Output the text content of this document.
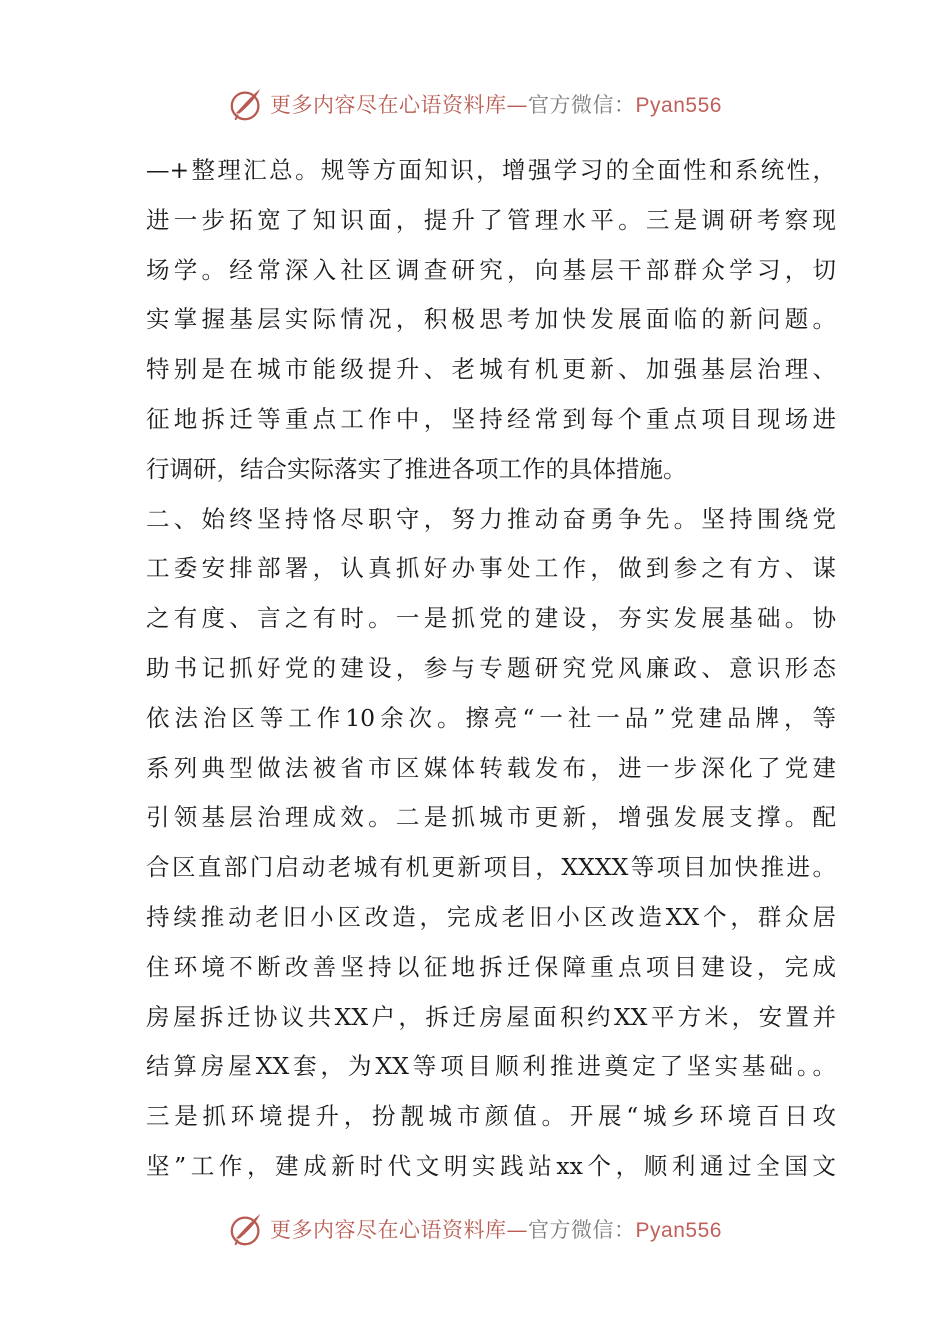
更多内容尽在心语资料库—官方微信：Pyan556
—+整理汇总。规等方面知识，增强学习的全面性和系统性，
进一步拓宽了知识面，提升了管理水平。三是调研考察现
场学。经常深入社区调查研究，向基层干部群众学习，切
实掌握基层实际情况，积极思考加快发展面临的新问题。
特别是在城市能级提升、老城有机更新、加强基层治理、
征地拆迁等重点工作中，坚持经常到每个重点项目现场进
行调研，结合实际落实了推进各项工作的具体措施。
二、始终坚持恪尽职守，努力推动奋勇争先。坚持围绕党
工委安排部署，认真抓好办事处工作，做到参之有方、谋
之有度、言之有时。一是抓党的建设，夯实发展基础。协
助书记抓好党的建设，参与专题研究党风廉政、意识形态
依法治区等工作10余次。擦亮“一社一品”党建品牌，等
系列典型做法被省市区媒体转载发布，进一步深化了党建
引领基层治理成效。二是抓城市更新，增强发展支撑。配
合区直部门启动老城有机更新项目，XXXX等项目加快推进。
持续推动老旧小区改造，完成老旧小区改造XX个，群众居
住环境不断改善坚持以征地拆迁保障重点项目建设，完成
房屋拆迁协议共XX户，拆迁房屋面积约XX平方米，安置并
结算房屋XX套，为XX等项目顺利推进奠定了坚实基础。。
三是抓环境提升，扮靓城市颜值。开展“城乡环境百日攻
坚”工作，建成新时代文明实践站xx个，顺利通过全国文
更多内容尽在心语资料库—官方微信：Pyan556
